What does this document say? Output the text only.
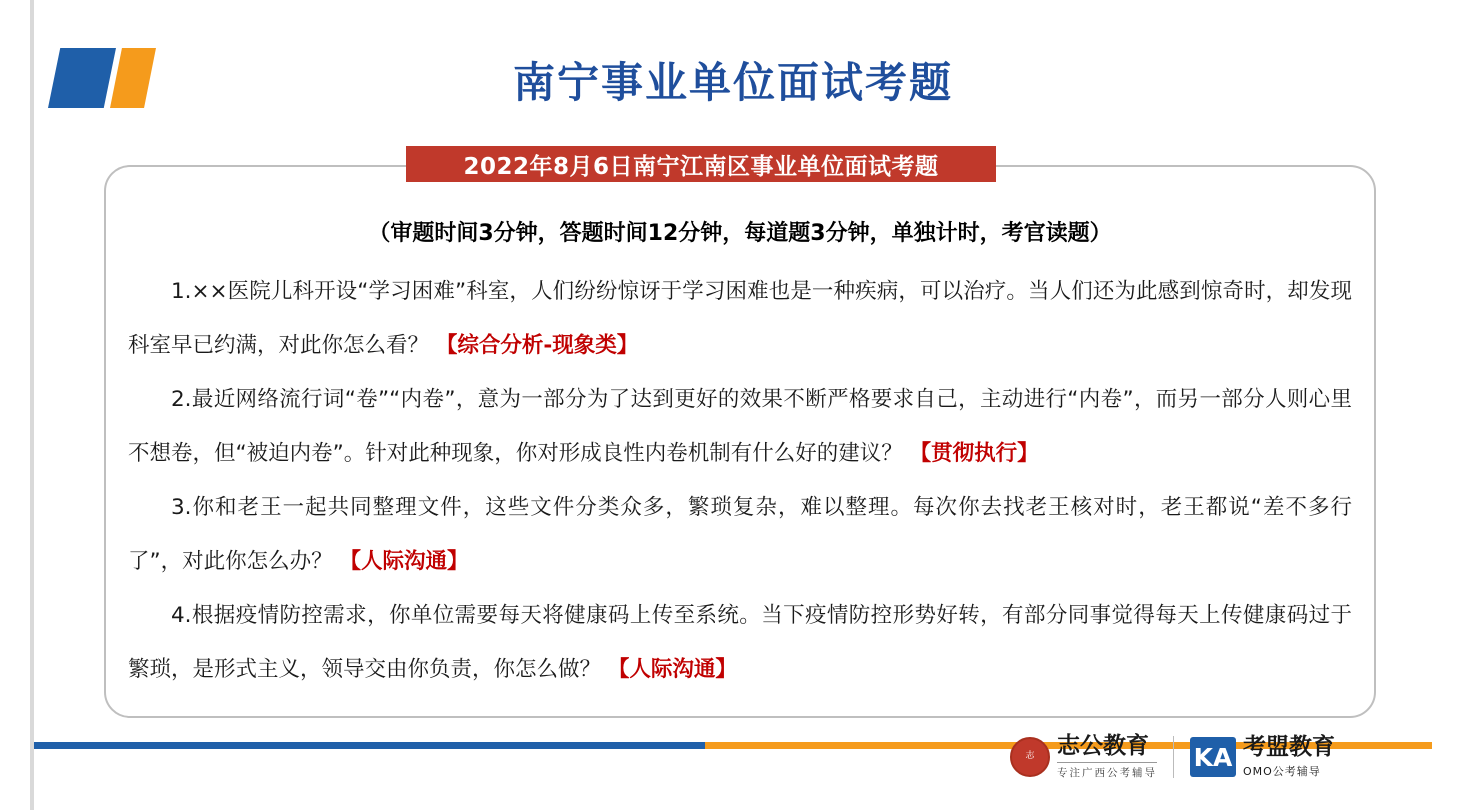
南宁事业单位面试考题
2022年8月6日南宁江南区事业单位面试考题
（审题时间3分钟，答题时间12分钟，每道题3分钟，单独计时，考官读题）
1.××医院儿科开设“学习困难”科室，人们纷纷惊讶于学习困难也是一种疾病，可以治疗。当人们还为此感到惊奇时，却发现科室早已约满，对此你怎么看？ 【综合分析-现象类】
2.最近网络流行词“卷”“内卷”，意为一部分为了达到更好的效果不断严格要求自己，主动进行“内卷”，而另一部分人则心里不想卷，但“被迫内卷”。针对此种现象，你对形成良性内卷机制有什么好的建议？ 【贯彻执行】
3.你和老王一起共同整理文件，这些文件分类众多，繁琐复杂，难以整理。每次你去找老王核对时，老王都说“差不多行了”，对此你怎么办？ 【人际沟通】
4.根据疫情防控需求，你单位需要每天将健康码上传至系统。当下疫情防控形势好转，有部分同事觉得每天上传健康码过于繁琐，是形式主义，领导交由你负责，你怎么做？ 【人际沟通】
志 志公教育
专注广西公考辅导
KA 考盟教育
OMO公考辅导
